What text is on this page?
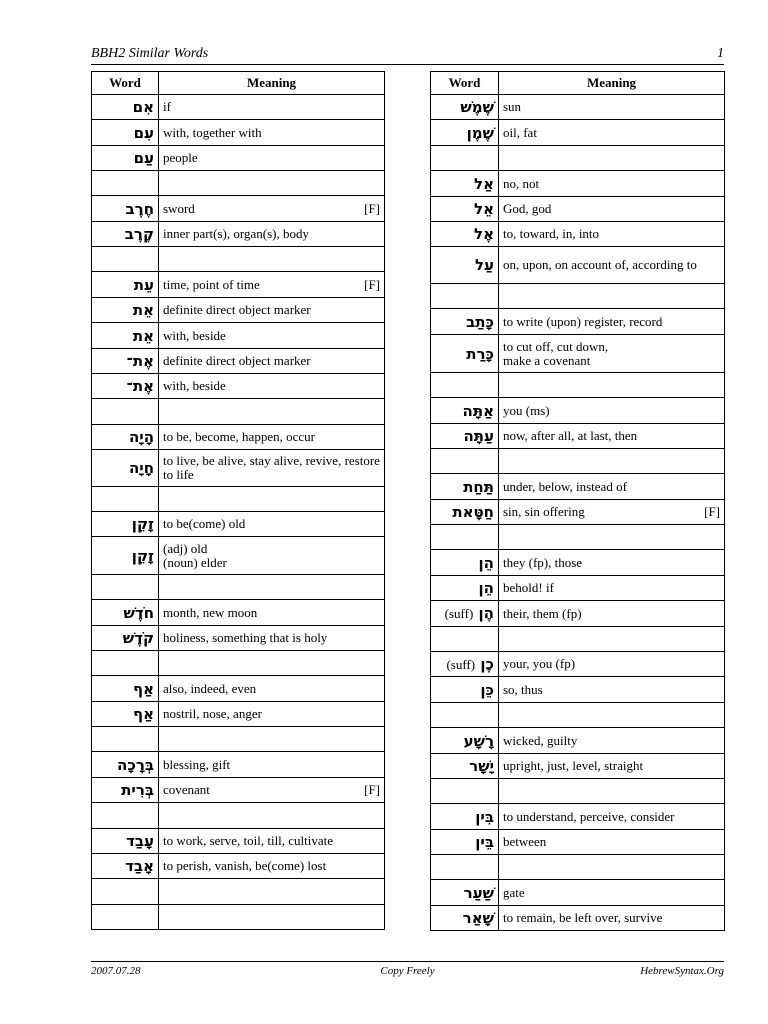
BBH2 Similar Words	1
Word	Meaning
אִם	if

עִם	with, together with

עַם	people

חֶרֶב	sword [F]

קֶרֶב	inner part(s), organ(s), body

עֵת	time, point of time [F]

אֵת	definite direct object marker

אֵת	with, beside

אֶת־	definite direct object marker

אֶת־	with, beside

הָיָה	to be, become, happen, occur

חָיָה	to live, be alive, stay alive, revive, restore to life

זָקֵן	to be(come) old

זָקֵן	(adj) old
(noun) elder

חֹדֶשׁ	month, new moon

קֹדֶשׁ	holiness, something that is holy

אַף	also, indeed, even

אַף	nostril, nose, anger

בְּרָכָה	blessing, gift

בְּרִית	covenant [F]

עָבַד	to work, serve, toil, till, cultivate

אָבַד	to perish, vanish, be(come) lost

Word	Meaning
שֶׁמֶשׁ	sun

שֶׁמֶן	oil, fat

אַל	no, not

אֵל	God, god

אֶל	to, toward, in, into

עַל	on, upon, on account of, according to

כָּתַב	to write (upon) register, record

כָּרַת	to cut off, cut down,
make a covenant

אַתָּה	you (ms)

עַתָּה	now, after all, at last, then

תַּחַת	under, below, instead of

חַטָּאת	sin, sin offering [F]

הֵן	they (fp), those

הֵן	behold! if

הֶן (suff)	their, them (fp)

כֶן (suff)	your, you (fp)

כֵּן	so, thus

רָשָׁע	wicked, guilty

יָשָׁר	upright, just, level, straight

בִּין	to understand, perceive, consider

בֵּין	between

שַׁעַר	gate

שָׁאַר	to remain, be left over, survive
2007.07.28	Copy Freely	HebrewSyntax.Org
